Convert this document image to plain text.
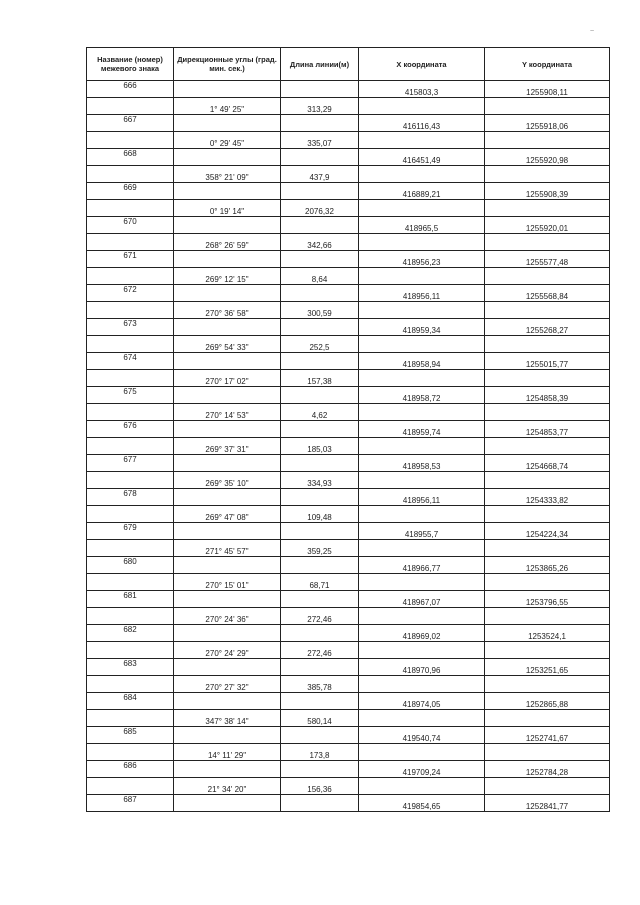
~
Название (номер) межевого знака	Дирекционные углы (град. мин. сек.)	Длина линии(м)	X координата	Y координата
666			415803,3	1255908,11
	1° 49' 25"	313,29		
667			416116,43	1255918,06
	0° 29' 45"	335,07		
668			416451,49	1255920,98
	358° 21' 09"	437,9		
669			416889,21	1255908,39
	0° 19' 14"	2076,32		
670			418965,5	1255920,01
	268° 26' 59"	342,66		
671			418956,23	1255577,48
	269° 12' 15"	8,64		
672			418956,11	1255568,84
	270° 36' 58"	300,59		
673			418959,34	1255268,27
	269° 54' 33"	252,5		
674			418958,94	1255015,77
	270° 17' 02"	157,38		
675			418958,72	1254858,39
	270° 14' 53"	4,62		
676			418959,74	1254853,77
	269° 37' 31"	185,03		
677			418958,53	1254668,74
	269° 35' 10"	334,93		
678			418956,11	1254333,82
	269° 47' 08"	109,48		
679			418955,7	1254224,34
	271° 45' 57"	359,25		
680			418966,77	1253865,26
	270° 15' 01"	68,71		
681			418967,07	1253796,55
	270° 24' 36"	272,46		
682			418969,02	1253524,1
	270° 24' 29"	272,46		
683			418970,96	1253251,65
	270° 27' 32"	385,78		
684			418974,05	1252865,88
	347° 38' 14"	580,14		
685			419540,74	1252741,67
	14° 11' 29"	173,8		
686			419709,24	1252784,28
	21° 34' 20"	156,36		
687			419854,65	1252841,77
